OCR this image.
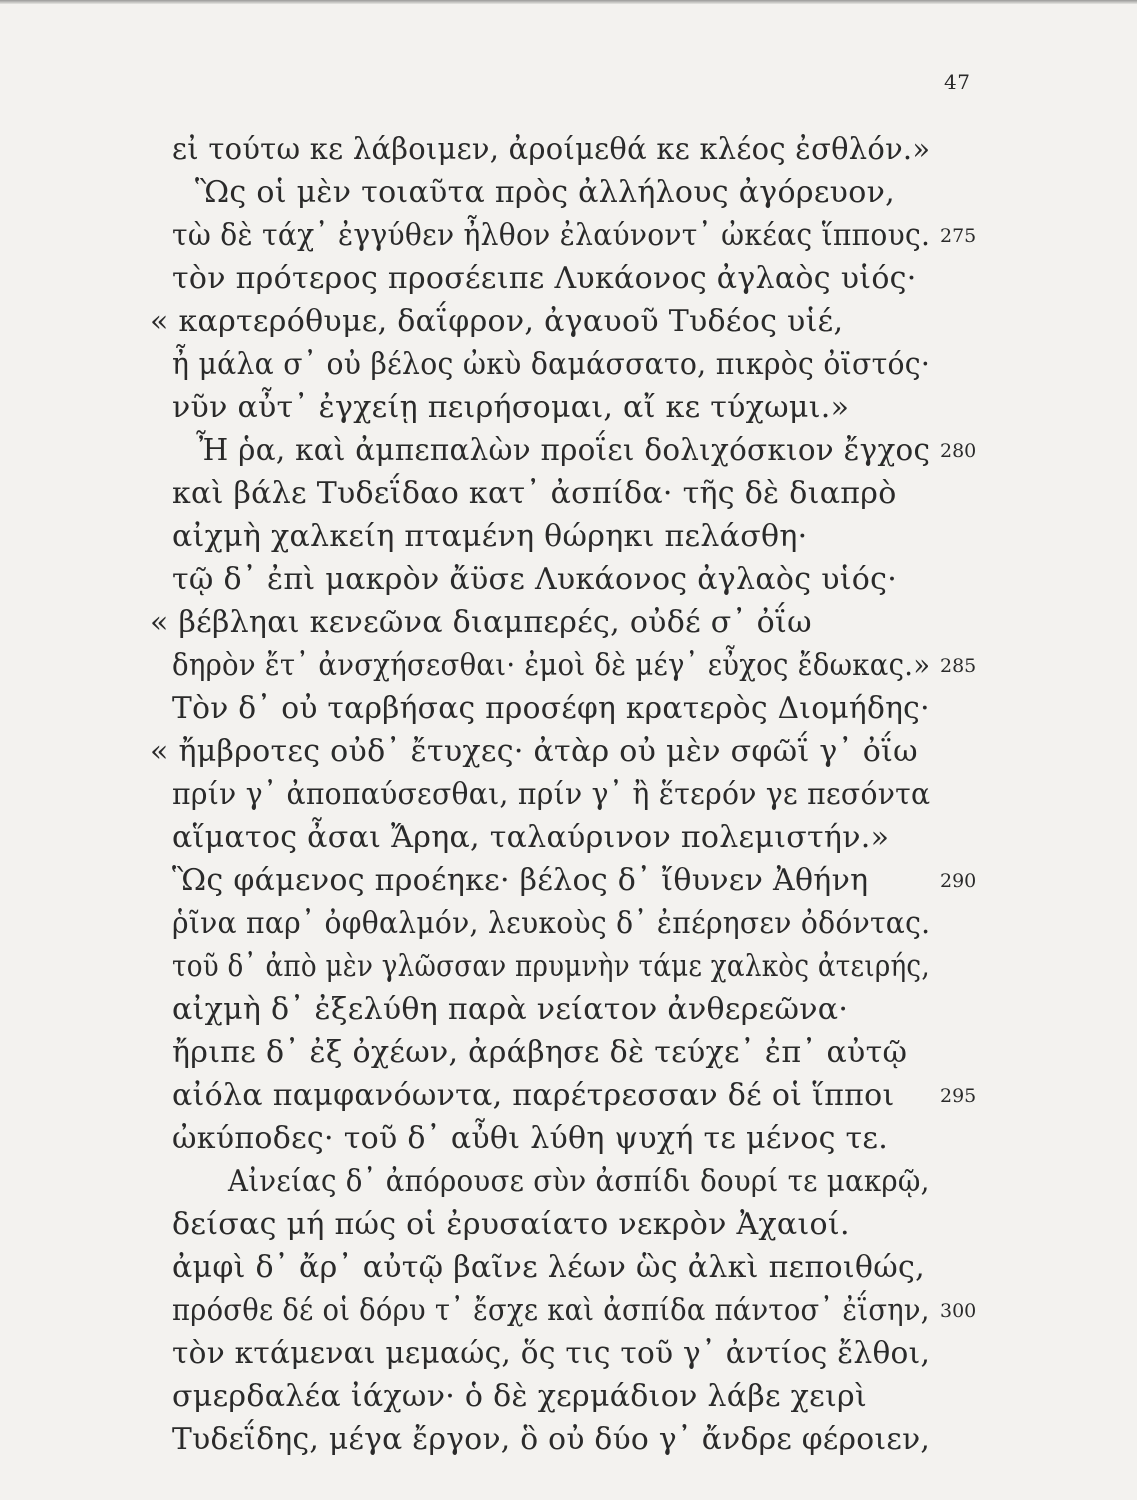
47
εἰ τούτω κε λάβοιμεν, ἀροίμεθά κε κλέος ἐσθλόν.»
Ὣς οἱ μὲν τοιαῦτα πρὸς ἀλλήλους ἀγόρευον,
τὼ δὲ τάχ᾽ ἐγγύθεν ἦλθον ἐλαύνοντ᾽ ὠκέας ἵππους.
τὸν πρότερος προσέειπε Λυκάονος ἀγλαὸς υἱός·
« καρτερόθυμε, δαΐφρον, ἀγαυοῦ Τυδέος υἱέ,
ἦ μάλα σ᾽ οὐ βέλος ὠκὺ δαμάσσατο, πικρὸς ὀϊστός·
νῦν αὖτ᾽ ἐγχείῃ πειρήσομαι, αἴ κε τύχωμι.»
Ἦ ῥα, καὶ ἀμπεπαλὼν προΐει δολιχόσκιον ἔγχος
καὶ βάλε Τυδεΐδαο κατ᾽ ἀσπίδα· τῆς δὲ διαπρὸ
αἰχμὴ χαλκείη πταμένη θώρηκι πελάσθη·
τῷ δ᾽ ἐπὶ μακρὸν ἄϋσε Λυκάονος ἀγλαὸς υἱός·
« βέβληαι κενεῶνα διαμπερές, οὐδέ σ᾽ ὀΐω
δηρὸν ἔτ᾽ ἀνσχήσεσθαι· ἐμοὶ δὲ μέγ᾽ εὖχος ἔδωκας.»
Τὸν δ᾽ οὐ ταρβήσας προσέφη κρατερὸς Διομήδης·
« ἤμβροτες οὐδ᾽ ἔτυχες· ἀτὰρ οὐ μὲν σφῶΐ γ᾽ ὀΐω
πρίν γ᾽ ἀποπαύσεσθαι, πρίν γ᾽ ἢ ἕτερόν γε πεσόντα
αἵματος ἆσαι Ἄρηα, ταλαύρινον πολεμιστήν.»
Ὣς φάμενος προέηκε· βέλος δ᾽ ἴθυνεν Ἀθήνη
ῥῖνα παρ᾽ ὀφθαλμόν, λευκοὺς δ᾽ ἐπέρησεν ὀδόντας.
τοῦ δ᾽ ἀπὸ μὲν γλῶσσαν πρυμνὴν τάμε χαλκὸς ἀτειρής,
αἰχμὴ δ᾽ ἐξελύθη παρὰ νείατον ἀνθερεῶνα·
ἤριπε δ᾽ ἐξ ὀχέων, ἀράβησε δὲ τεύχε᾽ ἐπ᾽ αὐτῷ
αἰόλα παμφανόωντα, παρέτρεσσαν δέ οἱ ἵπποι
ὠκύποδες· τοῦ δ᾽ αὖθι λύθη ψυχή τε μένος τε.
Αἰνείας δ᾽ ἀπόρουσε σὺν ἀσπίδι δουρί τε μακρῷ,
δείσας μή πώς οἱ ἐρυσαίατο νεκρὸν Ἀχαιοί.
ἀμφὶ δ᾽ ἄρ᾽ αὐτῷ βαῖνε λέων ὣς ἀλκὶ πεποιθώς,
πρόσθε δέ οἱ δόρυ τ᾽ ἔσχε καὶ ἀσπίδα πάντοσ᾽ ἐΐσην,
τὸν κτάμεναι μεμαώς, ὅς τις τοῦ γ᾽ ἀντίος ἔλθοι,
σμερδαλέα ἰάχων· ὁ δὲ χερμάδιον λάβε χειρὶ
Τυδεΐδης, μέγα ἔργον, ὃ οὐ δύο γ᾽ ἄνδρε φέροιεν,
275
280
285
290
295
300
